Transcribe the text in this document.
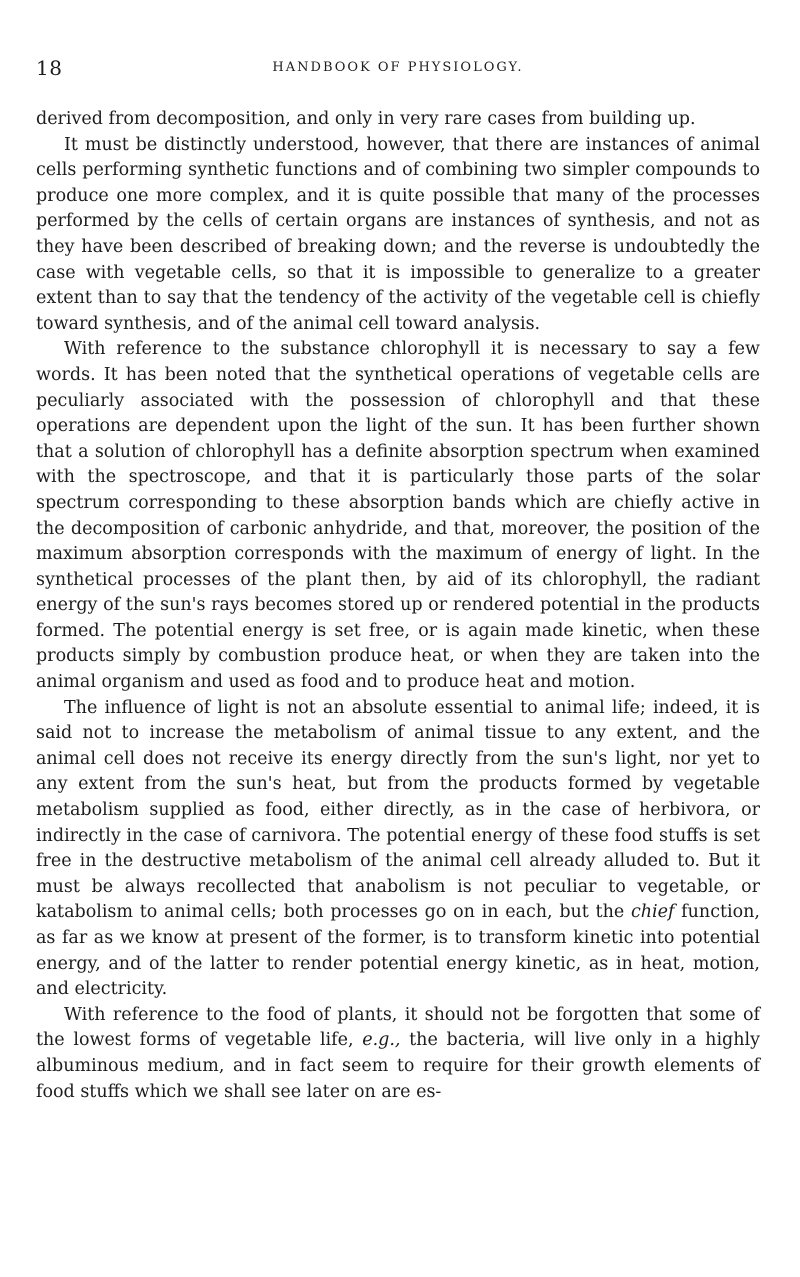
18	HANDBOOK OF PHYSIOLOGY.

derived from decomposition, and only in very rare cases from building up.

It must be distinctly understood, however, that there are instances of animal cells performing synthetic functions and of combining two simpler compounds to produce one more complex, and it is quite possible that many of the processes performed by the cells of certain organs are instances of synthesis, and not as they have been described of breaking down; and the reverse is undoubtedly the case with vegetable cells, so that it is impossible to generalize to a greater extent than to say that the tendency of the activity of the vegetable cell is chiefly toward synthesis, and of the animal cell toward analysis.

With reference to the substance chlorophyll it is necessary to say a few words. It has been noted that the synthetical operations of vegetable cells are peculiarly associated with the possession of chlorophyll and that these operations are dependent upon the light of the sun. It has been further shown that a solution of chlorophyll has a definite absorption spectrum when examined with the spectroscope, and that it is particularly those parts of the solar spectrum corresponding to these absorption bands which are chiefly active in the decomposition of carbonic anhydride, and that, moreover, the position of the maximum absorption corresponds with the maximum of energy of light. In the synthetical processes of the plant then, by aid of its chlorophyll, the radiant energy of the sun's rays becomes stored up or rendered potential in the products formed. The potential energy is set free, or is again made kinetic, when these products simply by combustion produce heat, or when they are taken into the animal organism and used as food and to produce heat and motion.

The influence of light is not an absolute essential to animal life; indeed, it is said not to increase the metabolism of animal tissue to any extent, and the animal cell does not receive its energy directly from the sun's light, nor yet to any extent from the sun's heat, but from the products formed by vegetable metabolism supplied as food, either directly, as in the case of herbivora, or indirectly in the case of carnivora. The potential energy of these food stuffs is set free in the destructive metabolism of the animal cell already alluded to. But it must be always recollected that anabolism is not peculiar to vegetable, or katabolism to animal cells; both processes go on in each, but the chief function, as far as we know at present of the former, is to transform kinetic into potential energy, and of the latter to render potential energy kinetic, as in heat, motion, and electricity.

With reference to the food of plants, it should not be forgotten that some of the lowest forms of vegetable life, e.g., the bacteria, will live only in a highly albuminous medium, and in fact seem to require for their growth elements of food stuffs which we shall see later on are es-
